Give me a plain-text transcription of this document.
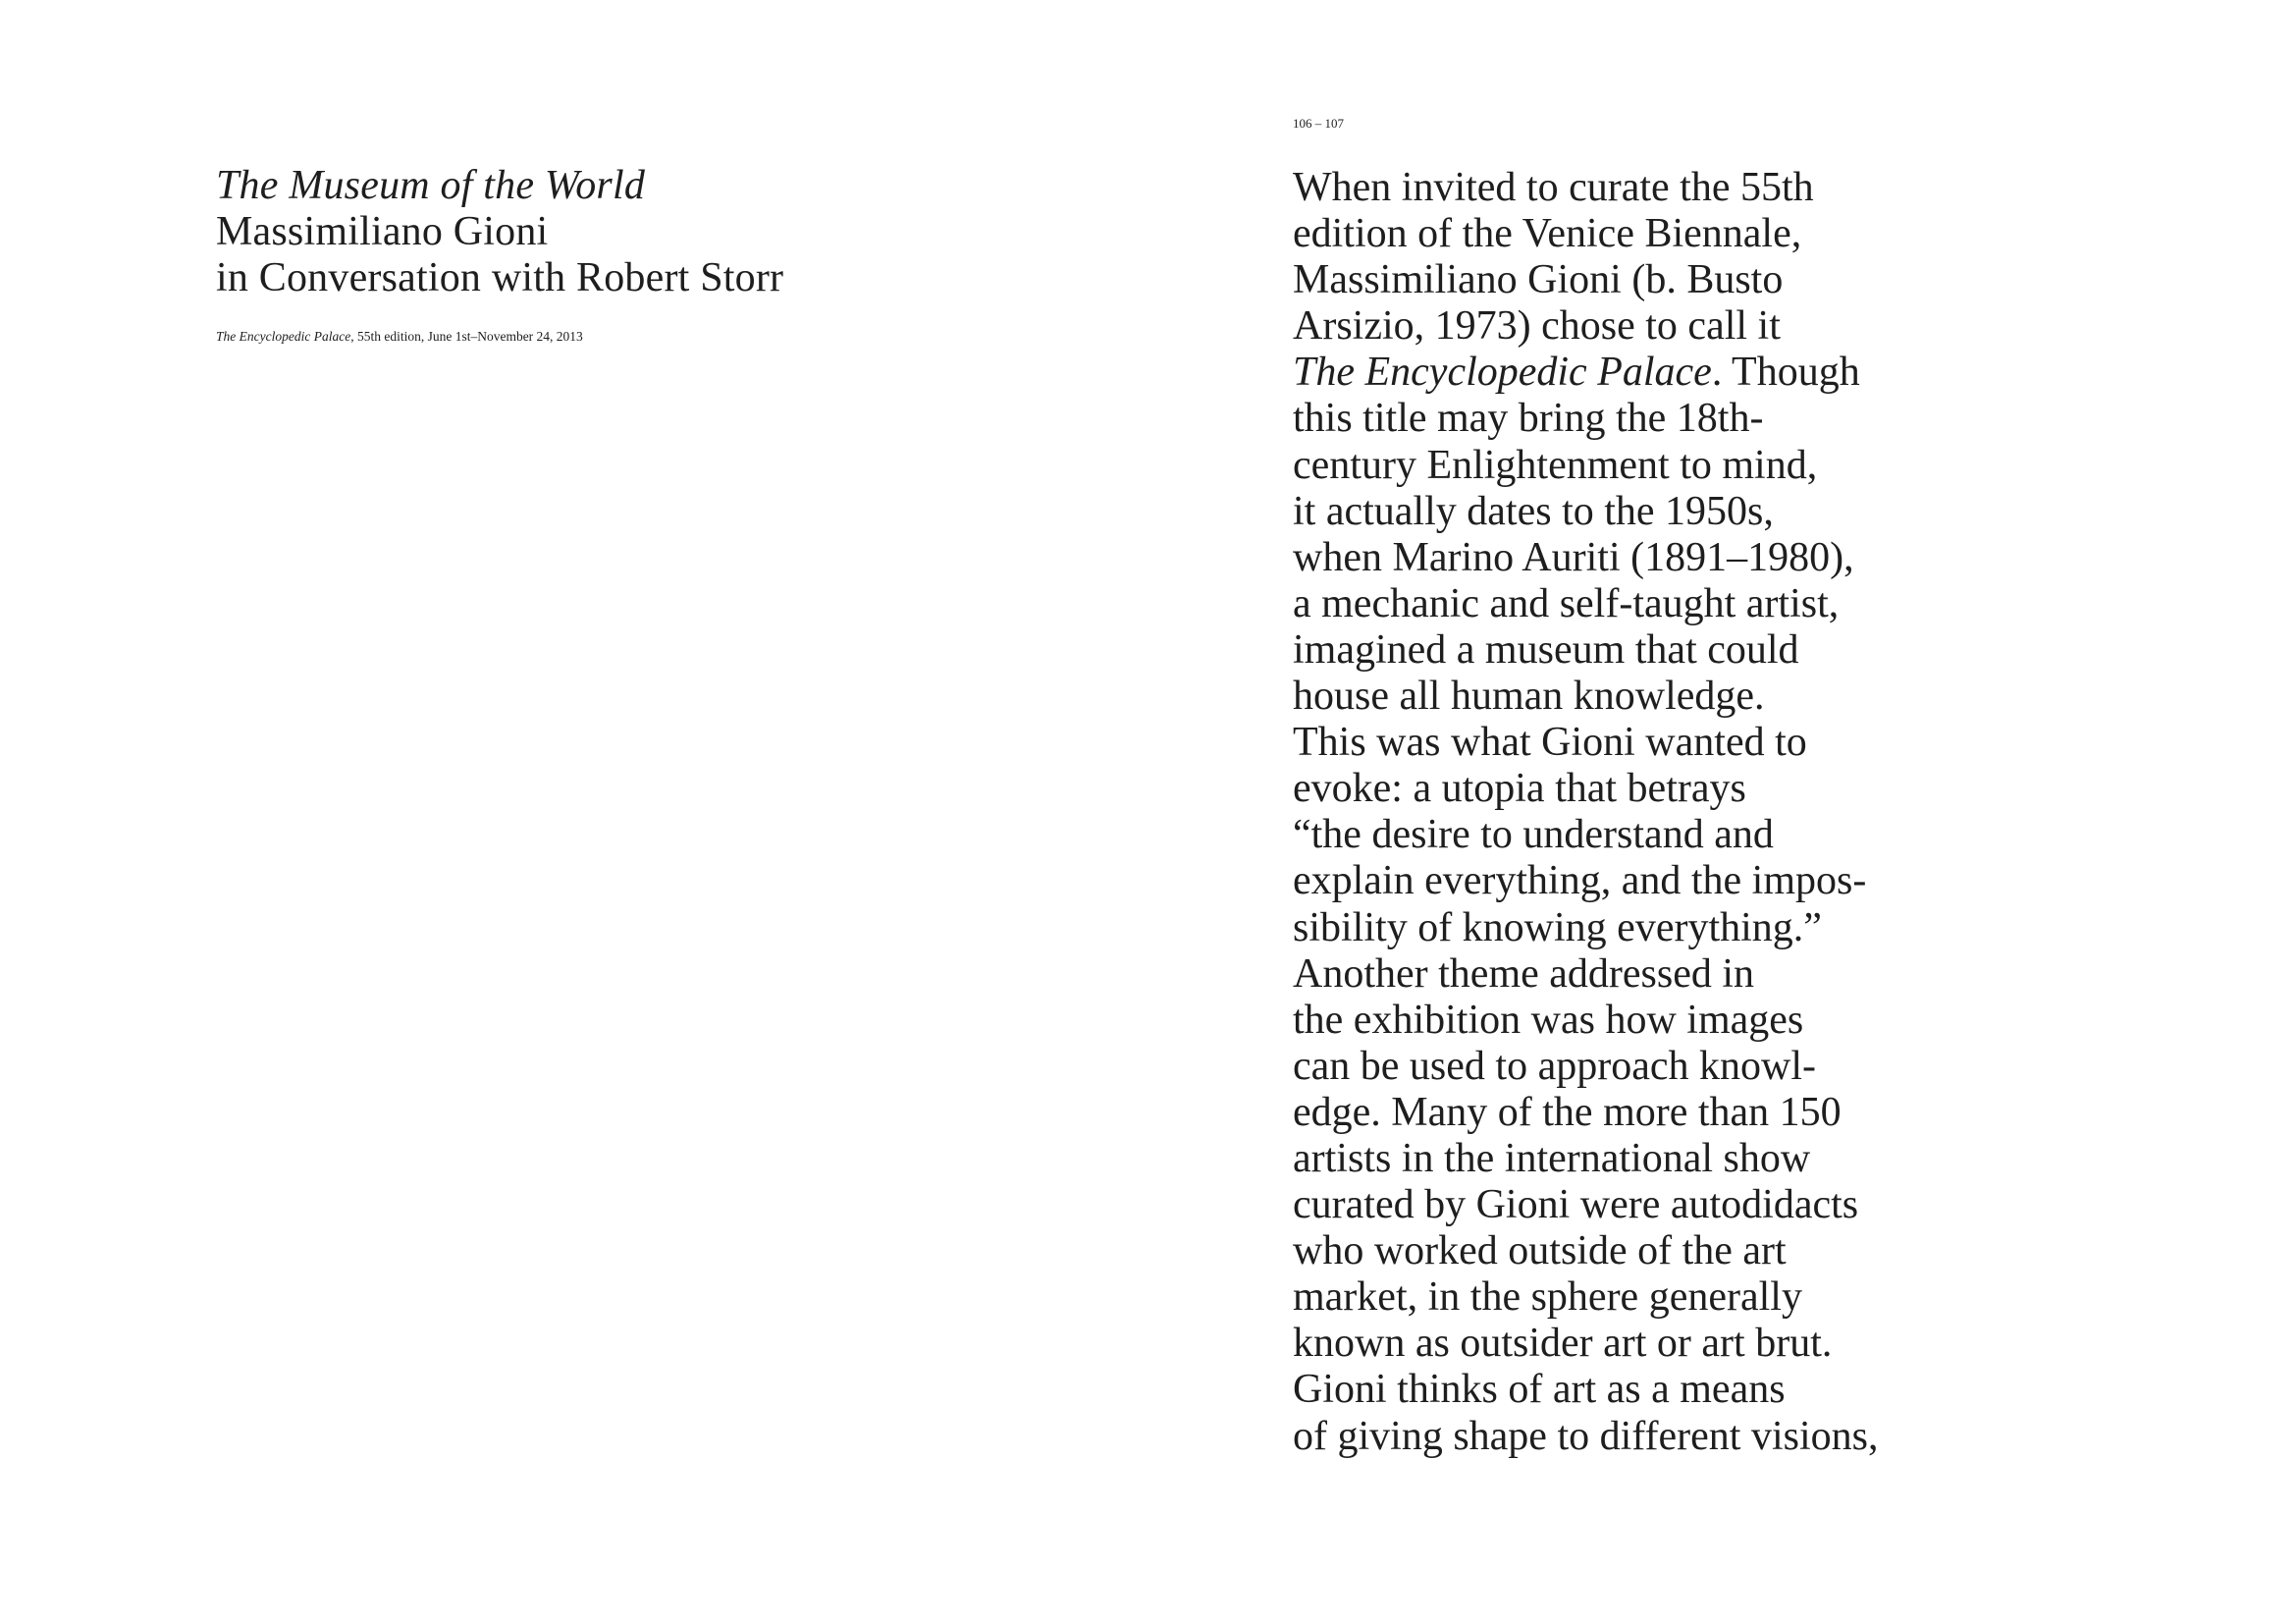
The Museum of the World
Massimiliano Gioni
in Conversation with Robert Storr
The Encyclopedic Palace, 55th edition, June 1st–November 24, 2013
106 – 107
When invited to curate the 55th
edition of the Venice Biennale,
Massimiliano Gioni (b. Busto
Arsizio, 1973) chose to call it
The Encyclopedic Palace. Though
this title may bring the 18th-
century Enlightenment to mind,
it actually dates to the 1950s,
when Marino Auriti (1891–1980),
a mechanic and self-taught artist,
imagined a museum that could
house all human knowledge.
This was what Gioni wanted to
evoke: a utopia that betrays
“the desire to understand and
explain everything, and the impos-
sibility of knowing everything.”
Another theme addressed in
the exhibition was how images
can be used to approach knowl-
edge. Many of the more than 150
artists in the international show
curated by Gioni were autodidacts
who worked outside of the art
market, in the sphere generally
known as outsider art or art brut.
Gioni thinks of art as a means
of giving shape to different visions,
